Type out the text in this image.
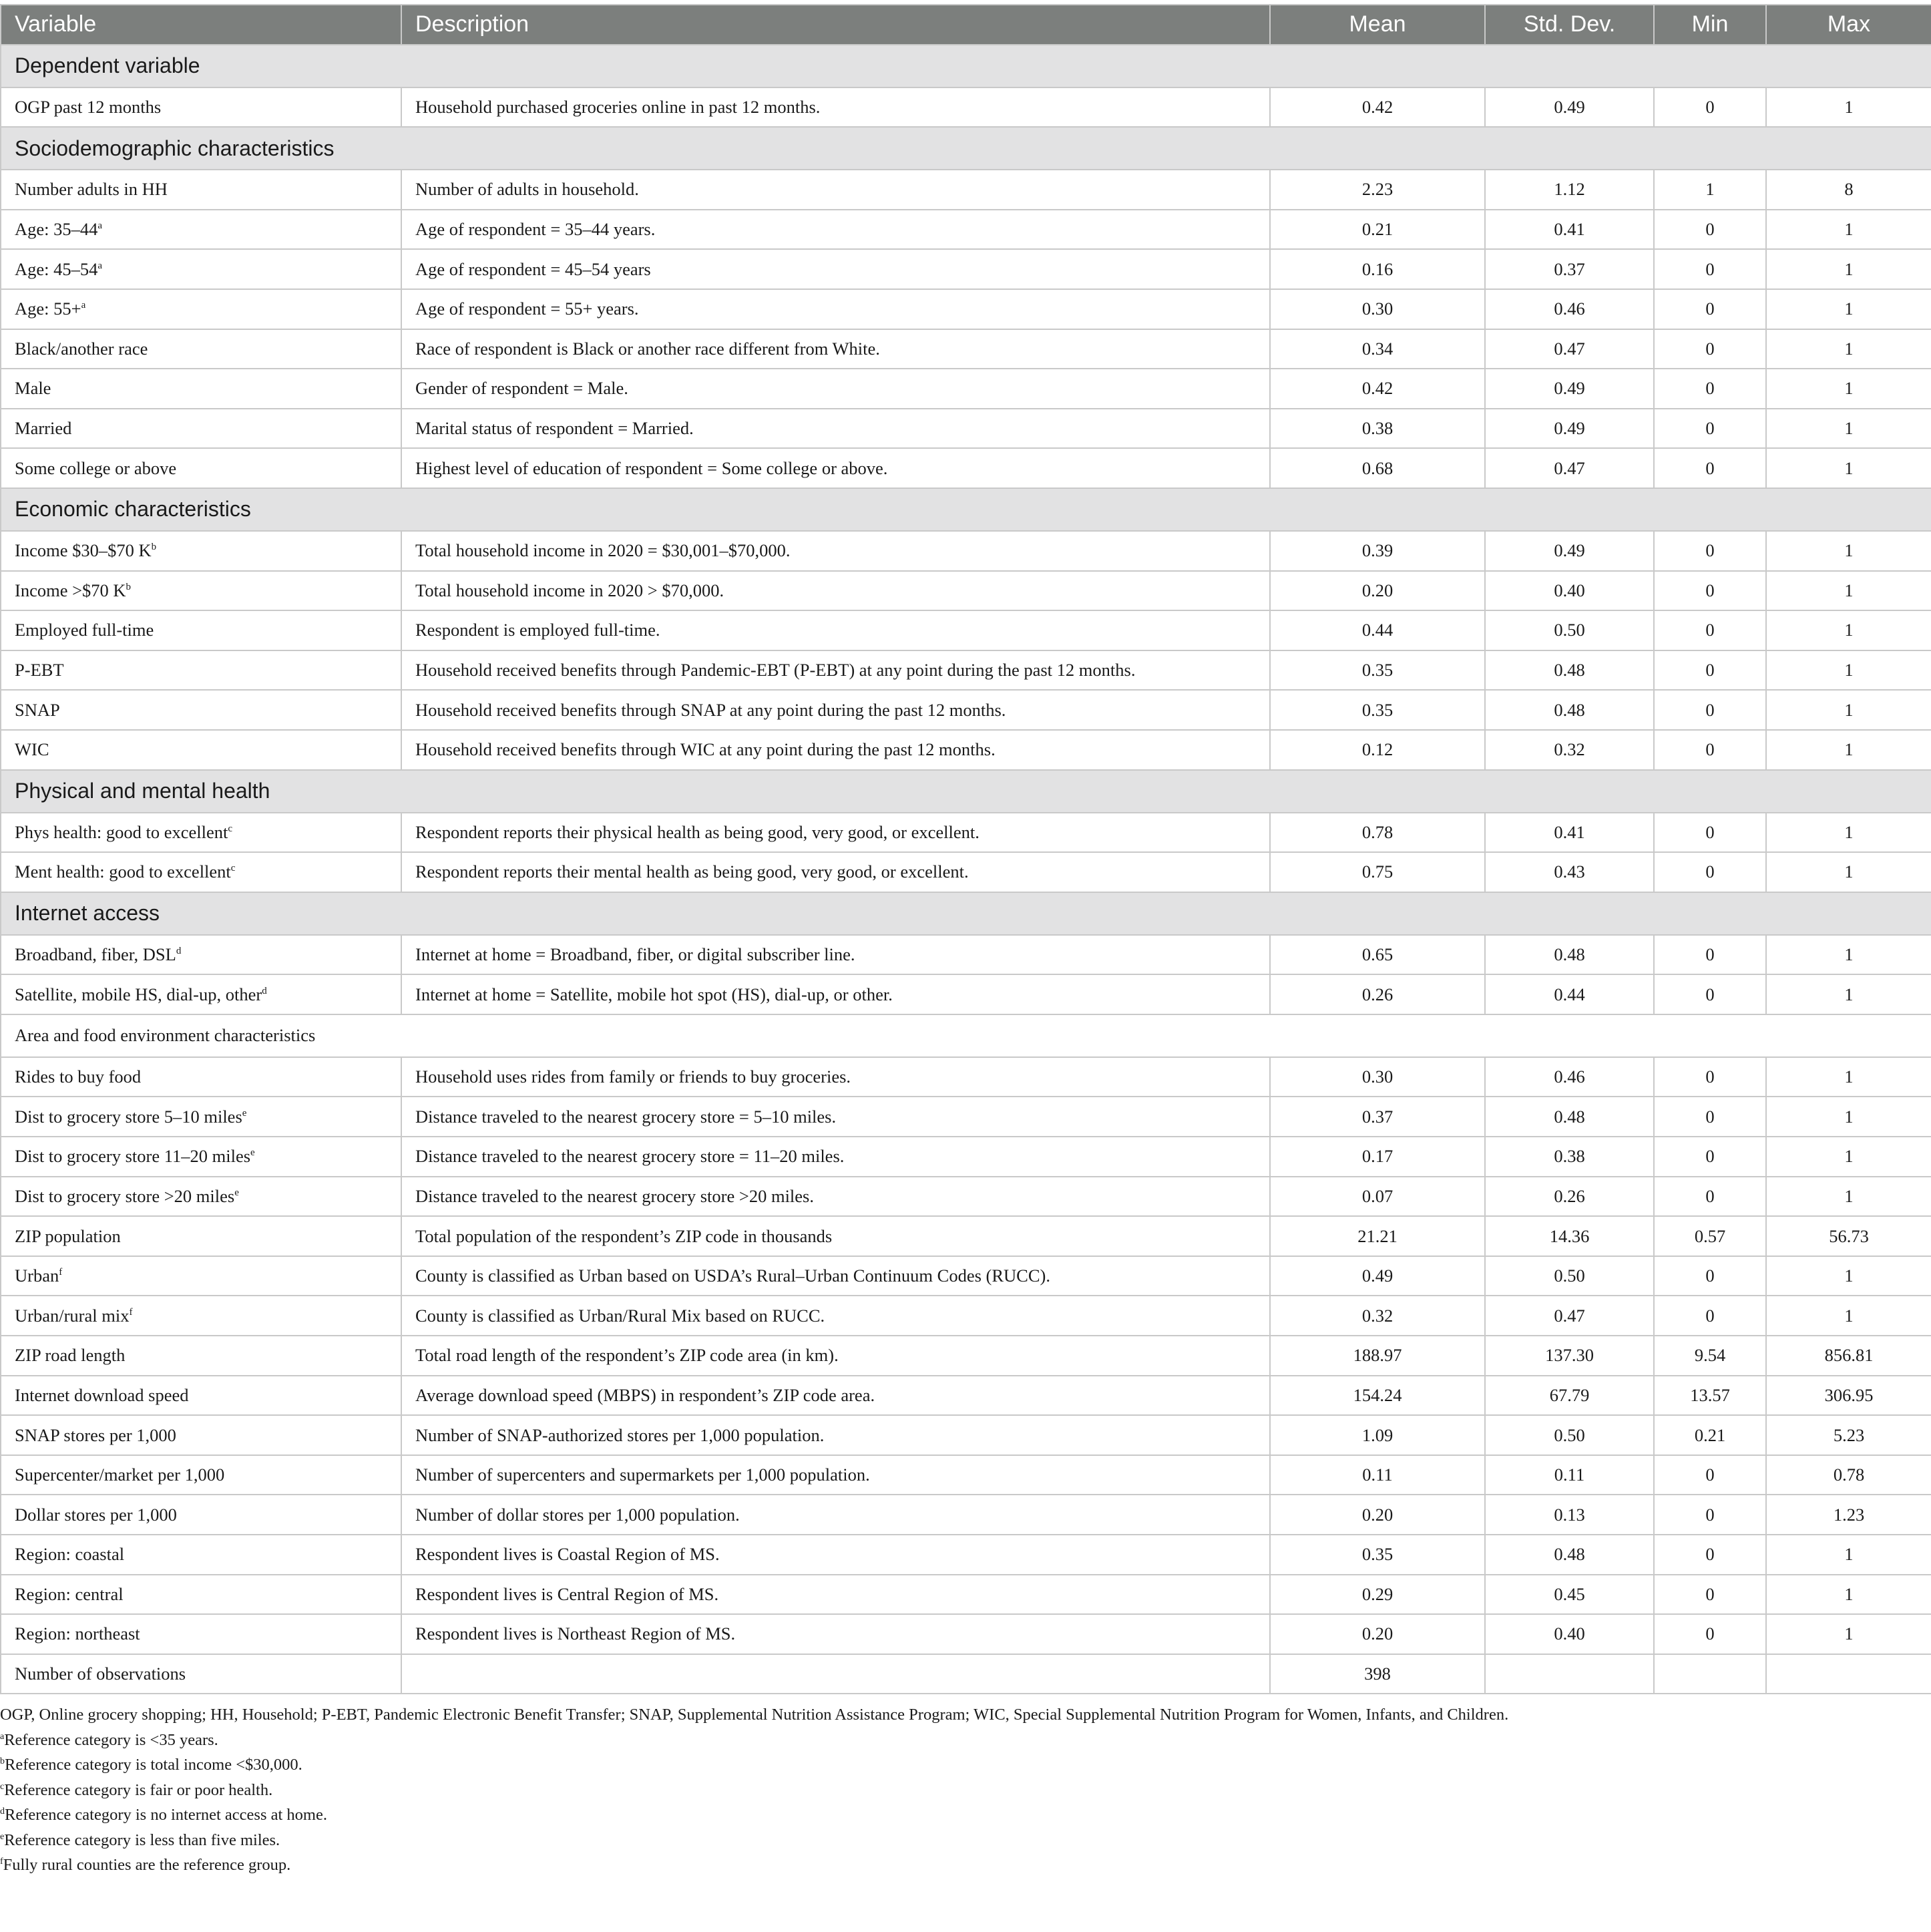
Variable	Description	Mean	Std. Dev.	Min	Max
Dependent variable					
OGP past 12 months	Household purchased groceries online in past 12 months.	0.42	0.49	0	1
Sociodemographic characteristics					
Number adults in HH	Number of adults in household.	2.23	1.12	1	8
Age: 35–44$^a$	Age of respondent = 35–44 years.	0.21	0.41	0	1
Age: 45–54$^a$	Age of respondent = 45–54 years	0.16	0.37	0	1
Age: 55+$^a$	Age of respondent = 55+ years.	0.30	0.46	0	1
Black/another race	Race of respondent is Black or another race different from White.	0.34	0.47	0	1
Male	Gender of respondent = Male.	0.42	0.49	0	1
Married	Marital status of respondent = Married.	0.38	0.49	0	1
Some college or above	Highest level of education of respondent = Some college or above.	0.68	0.47	0	1
Economic characteristics					
Income $30–$70 $K^b$	Total household income in 2020 = $30,001–$70,000.	0.39	0.49	0	1
Income >$70 $K^b$	Total household income in 2020 > $70,000.	0.20	0.40	0	1
Employed full-time	Respondent is employed full-time.	0.44	0.50	0	1
P-EBT	Household received benefits through Pandemic-EBT (P-EBT) at any point during the past 12 months.	0.35	0.48	0	1
SNAP	Household received benefits through SNAP at any point during the past 12 months.	0.35	0.48	0	1
WIC	Household received benefits through WIC at any point during the past 12 months.	0.12	0.32	0	1
Physical and mental health					
Phys health: good to excellent$^c$	Respondent reports their physical health as being good, very good, or excellent.	0.78	0.41	0	1
Ment health: good to excellent$^c$	Respondent reports their mental health as being good, very good, or excellent.	0.75	0.43	0	1
Internet access					
Broadband, fiber, DSL$^d$	Internet at home = Broadband, fiber, or digital subscriber line.	0.65	0.48	0	1
Satellite, mobile HS, dial-up, other$^d$	Internet at home = Satellite, mobile hot spot (HS), dial-up, or other.	0.26	0.44	0	1
Area and food environment characteristics					
Rides to buy food	Household uses rides from family or friends to buy groceries.	0.30	0.46	0	1
Dist to grocery store 5–10 miles$^e$	Distance traveled to the nearest grocery store = 5–10 miles.	0.37	0.48	0	1
Dist to grocery store 11–20 miles$^e$	Distance traveled to the nearest grocery store = 11–20 miles.	0.17	0.38	0	1
Dist to grocery store >20 miles$^e$	Distance traveled to the nearest grocery store >20 miles.	0.07	0.26	0	1
ZIP population	Total population of the respondent’s ZIP code in thousands	21.21	14.36	0.57	56.73
Urban$^f$	County is classified as Urban based on USDA’s Rural–Urban Continuum Codes (RUCC).	0.49	0.50	0	1
Urban/rural mix$^f$	County is classified as Urban/Rural Mix based on RUCC.	0.32	0.47	0	1
ZIP road length	Total road length of the respondent’s ZIP code area (in km).	188.97	137.30	9.54	856.81
Internet download speed	Average download speed (MBPS) in respondent’s ZIP code area.	154.24	67.79	13.57	306.95
SNAP stores per 1,000	Number of SNAP-authorized stores per 1,000 population.	1.09	0.50	0.21	5.23
Supercenter/market per 1,000	Number of supercenters and supermarkets per 1,000 population.	0.11	0.11	0	0.78
Dollar stores per 1,000	Number of dollar stores per 1,000 population.	0.20	0.13	0	1.23
Region: coastal	Respondent lives is Coastal Region of MS.	0.35	0.48	0	1
Region: central	Respondent lives is Central Region of MS.	0.29	0.45	0	1
Region: northeast	Respondent lives is Northeast Region of MS.	0.20	0.40	0	1
Number of observations		398			
OGP, Online grocery shopping; HH, Household; P-EBT, Pandemic Electronic Benefit Transfer; SNAP, Supplemental Nutrition Assistance Program; WIC, Special Supplemental Nutrition Program for Women, Infants, and Children.
$^a$Reference category is <35 years.
$^b$Reference category is total income <$30,000.
$^c$Reference category is fair or poor health.
$^d$Reference category is no internet access at home.
$^e$Reference category is less than five miles.
$^f$Fully rural counties are the reference group.
